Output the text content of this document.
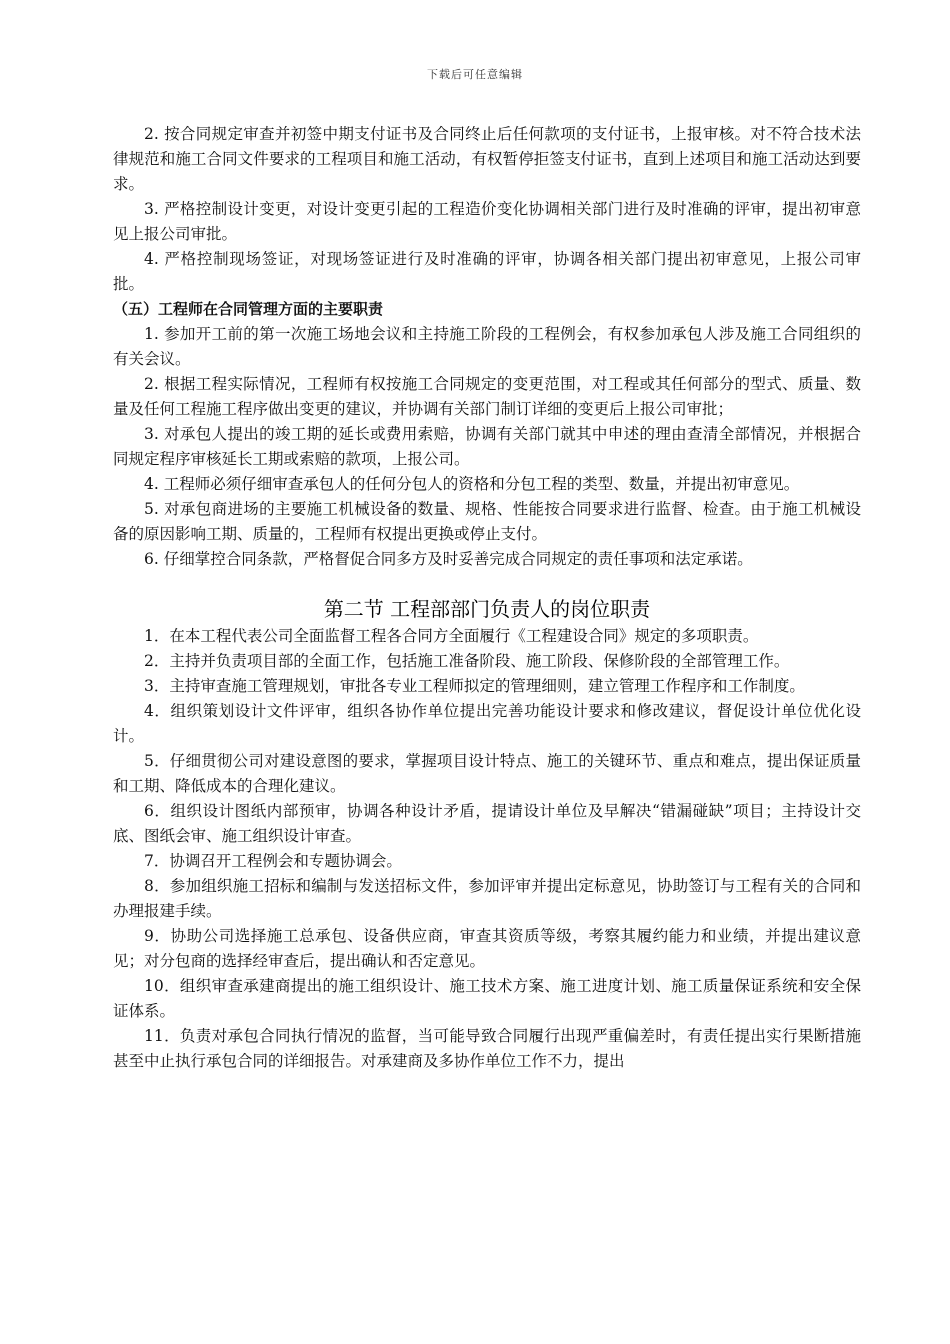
下载后可任意编辑

2. 按合同规定审查并初签中期支付证书及合同终止后任何款项的支付证书，上报审核。对不符合技术法律规范和施工合同文件要求的工程项目和施工活动，有权暂停拒签支付证书，直到上述项目和施工活动达到要求。

3. 严格控制设计变更，对设计变更引起的工程造价变化协调相关部门进行及时准确的评审，提出初审意见上报公司审批。

4. 严格控制现场签证，对现场签证进行及时准确的评审，协调各相关部门提出初审意见，上报公司审批。

（五）工程师在合同管理方面的主要职责

1. 参加开工前的第一次施工场地会议和主持施工阶段的工程例会，有权参加承包人涉及施工合同组织的有关会议。

2. 根据工程实际情况，工程师有权按施工合同规定的变更范围，对工程或其任何部分的型式、质量、数量及任何工程施工程序做出变更的建议，并协调有关部门制订详细的变更后上报公司审批；

3. 对承包人提出的竣工期的延长或费用索赔，协调有关部门就其中申述的理由查清全部情况，并根据合同规定程序审核延长工期或索赔的款项，上报公司。

4. 工程师必须仔细审查承包人的任何分包人的资格和分包工程的类型、数量，并提出初审意见。

5. 对承包商进场的主要施工机械设备的数量、规格、性能按合同要求进行监督、检查。由于施工机械设备的原因影响工期、质量的，工程师有权提出更换或停止支付。

6. 仔细掌控合同条款，严格督促合同多方及时妥善完成合同规定的责任事项和法定承诺。

第二节 工程部部门负责人的岗位职责

1．在本工程代表公司全面监督工程各合同方全面履行《工程建设合同》规定的多项职责。

2．主持并负责项目部的全面工作，包括施工准备阶段、施工阶段、保修阶段的全部管理工作。

3．主持审查施工管理规划，审批各专业工程师拟定的管理细则，建立管理工作程序和工作制度。

4．组织策划设计文件评审，组织各协作单位提出完善功能设计要求和修改建议，督促设计单位优化设计。

5．仔细贯彻公司对建设意图的要求，掌握项目设计特点、施工的关键环节、重点和难点，提出保证质量和工期、降低成本的合理化建议。

6．组织设计图纸内部预审，协调各种设计矛盾，提请设计单位及早解决“错漏碰缺”项目；主持设计交底、图纸会审、施工组织设计审查。

7．协调召开工程例会和专题协调会。

8．参加组织施工招标和编制与发送招标文件，参加评审并提出定标意见，协助签订与工程有关的合同和办理报建手续。

9．协助公司选择施工总承包、设备供应商，审查其资质等级，考察其履约能力和业绩，并提出建议意见；对分包商的选择经审查后，提出确认和否定意见。

10．组织审查承建商提出的施工组织设计、施工技术方案、施工进度计划、施工质量保证系统和安全保证体系。

11．负责对承包合同执行情况的监督，当可能导致合同履行出现严重偏差时，有责任提出实行果断措施甚至中止执行承包合同的详细报告。对承建商及多协作单位工作不力，提出
